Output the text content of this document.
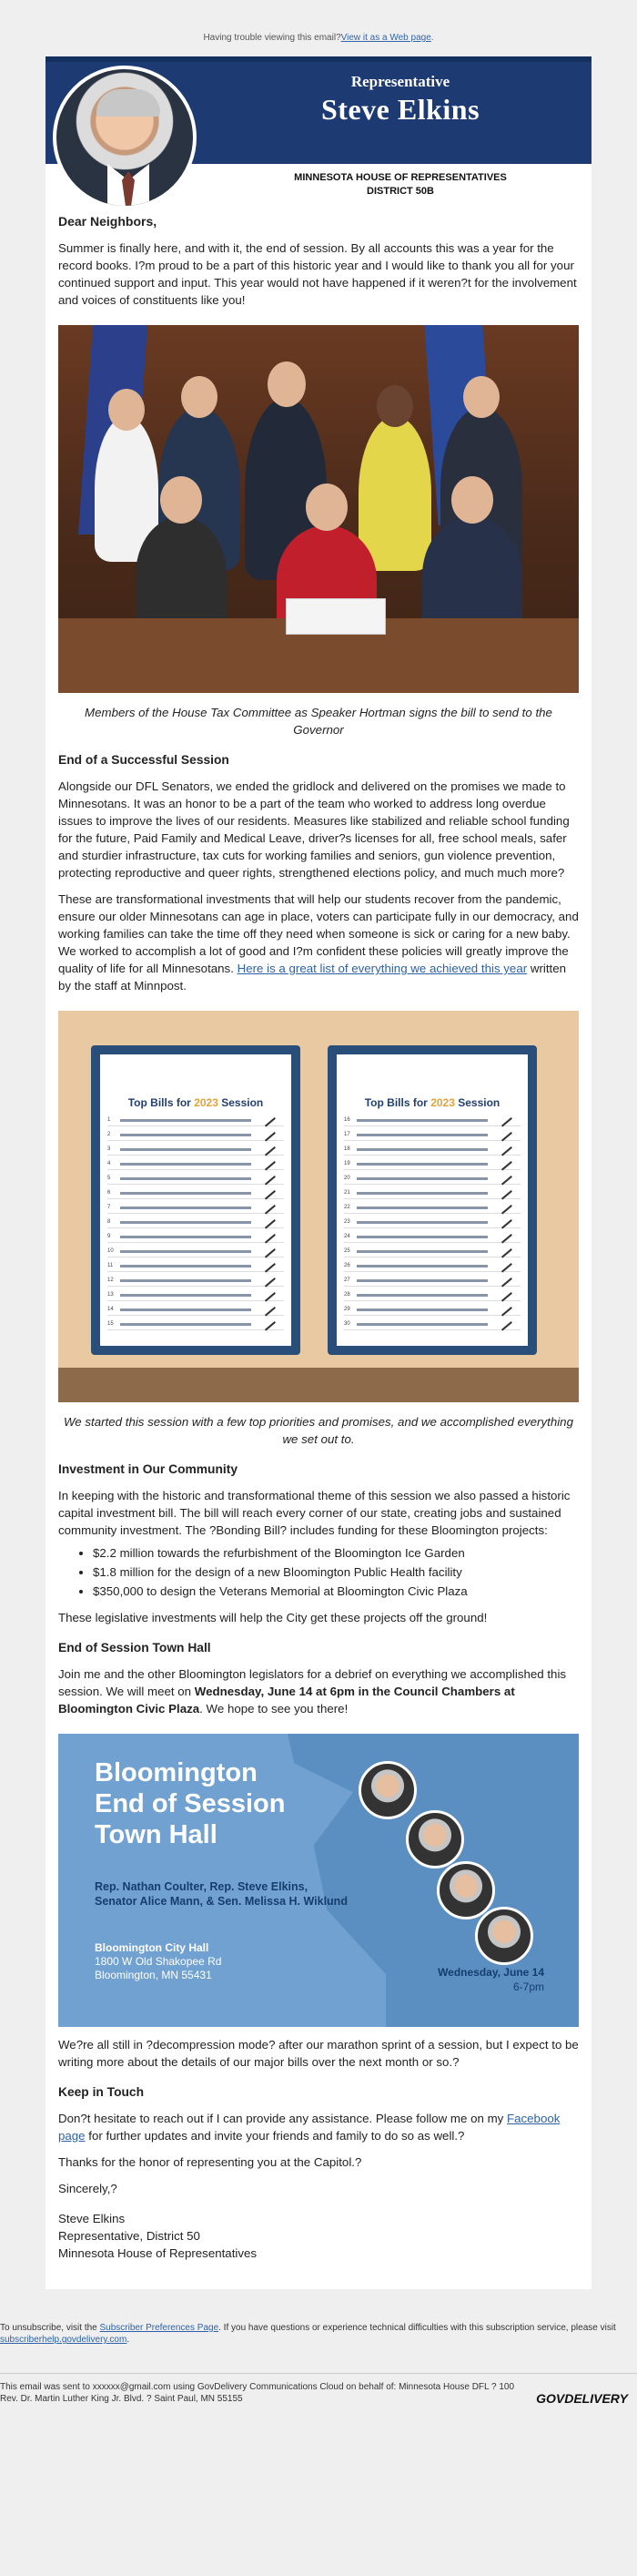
Having trouble viewing this email? View it as a Web page .
Representative
Steve Elkins
MINNESOTA HOUSE OF REPRESENTATIVES
DISTRICT 50B

Dear Neighbors,

Summer is finally here, and with it, the end of session. By all accounts this was a year for the record books. I?m proud to be a part of this historic year and I would like to thank you all for your continued support and input. This year would not have happened if it weren?t for the involvement and voices of constituents like you!

Members of the House Tax Committee as Speaker Hortman signs the bill to send to the Governor

End of a Successful Session

Alongside our DFL Senators, we ended the gridlock and delivered on the promises we made to Minnesotans. It was an honor to be a part of the team who worked to address long overdue issues to improve the lives of our residents. Measures like stabilized and reliable school funding for the future, Paid Family and Medical Leave, driver?s licenses for all, free school meals, safer and sturdier infrastructure, tax cuts for working families and seniors, gun violence prevention, protecting reproductive and queer rights, strengthened elections policy, and much much more?

These are transformational investments that will help our students recover from the pandemic, ensure our older Minnesotans can age in place, voters can participate fully in our democracy, and working families can take the time off they need when someone is sick or caring for a new baby. We worked to accomplish a lot of good and I?m confident these policies will greatly improve the quality of life for all Minnesotans. Here is a great list of everything we achieved this year written by the staff at Minnpost.

Top Bills for 2023 Session
1
2
3
4
5
6
7
8
9
10
11
12
13
14
15
Top Bills for 2023 Session
16
17
18
19
20
21
22
23
24
25
26
27
28
29
30

We started this session with a few top priorities and promises, and we accomplished everything we set out to.

Investment in Our Community

In keeping with the historic and transformational theme of this session we also passed a historic capital investment bill. The bill will reach every corner of our state, creating jobs and sustained community investment. The ?Bonding Bill? includes funding for these Bloomington projects:

• $2.2 million towards the refurbishment of the Bloomington Ice Garden
• $1.8 million for the design of a new Bloomington Public Health facility
• $350,000 to design the Veterans Memorial at Bloomington Civic Plaza

These legislative investments will help the City get these projects off the ground!

End of Session Town Hall

Join me and the other Bloomington legislators for a debrief on everything we accomplished this session. We will meet on Wednesday, June 14 at 6pm in the Council Chambers at Bloomington Civic Plaza. We hope to see you there!

Bloomington
End of Session
Town Hall
Rep. Nathan Coulter, Rep. Steve Elkins,
Senator Alice Mann, & Sen. Melissa H. Wiklund
Bloomington City Hall
1800 W Old Shakopee Rd
Bloomington, MN 55431	Wednesday, June 14
6-7pm

We?re all still in ?decompression mode? after our marathon sprint of a session, but I expect to be writing more about the details of our major bills over the next month or so.?

Keep in Touch

Don?t hesitate to reach out if I can provide any assistance. Please follow me on my Facebook page for further updates and invite your friends and family to do so as well.?

Thanks for the honor of representing you at the Capitol.?

Sincerely,?

Steve Elkins
Representative, District 50
Minnesota House of Representatives
To unsubscribe, visit the Subscriber Preferences Page. If you have questions or experience technical difficulties with this subscription service, please visit subscriberhelp.govdelivery.com.
This email was sent to xxxxxx@gmail.com using GovDelivery Communications Cloud on behalf of: Minnesota House DFL ? 100
Rev. Dr. Martin Luther King Jr. Blvd. ? Saint Paul, MN 55155	GOVDELIVERY
